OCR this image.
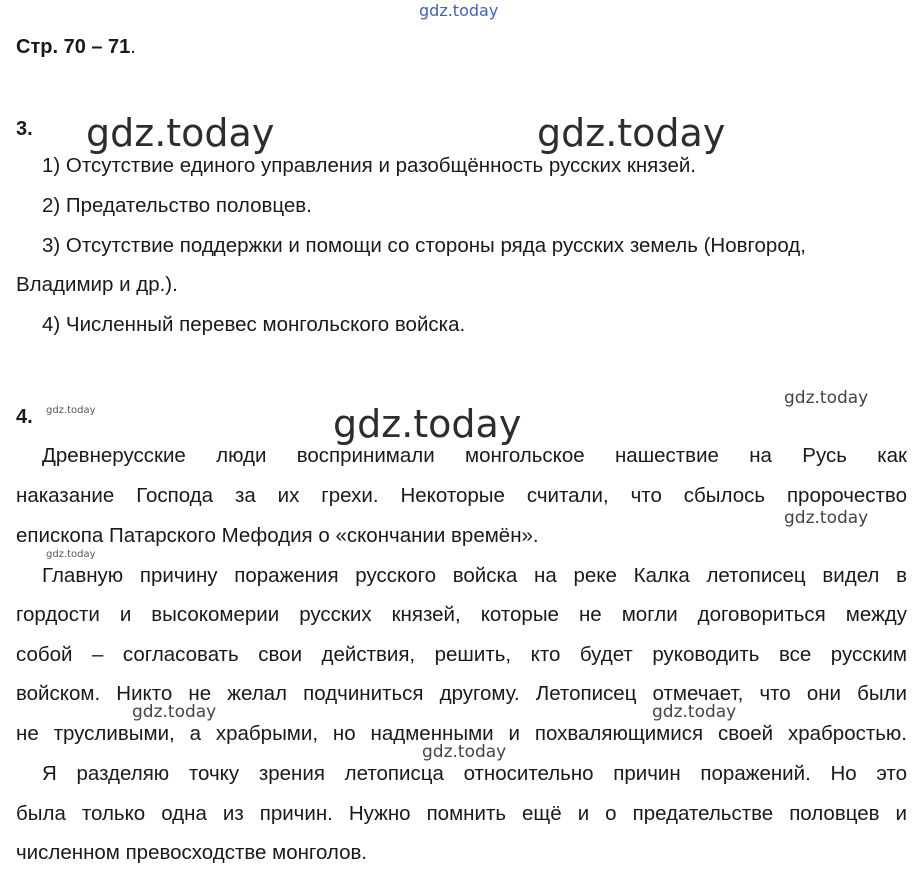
gdz.today
gdz.today	gdz.today
gdz.today
gdz.today
gdz.today
gdz.today	gdz.today
gdz.today
gdz.today
gdz.today
Стр. 70 – 71.

3.

1) Отсутствие единого управления и разобщённость русских князей.

2) Предательство половцев.

3) Отсутствие поддержки и помощи со стороны ряда русских земель (Новгород,

Владимир и др.).

4) Численный перевес монгольского войска.

4.

Древнерусские люди воспринимали монгольское нашествие на Русь как

наказание Господа за их грехи. Некоторые считали, что сбылось пророчество

епископа Патарского Мефодия о «скончании времён».

Главную причину поражения русского войска на реке Калка летописец видел в

гордости и высокомерии русских князей, которые не могли договориться между

собой – согласовать свои действия, решить, кто будет руководить все русским

войском. Никто не желал подчиниться другому. Летописец отмечает, что они были

не трусливыми, а храбрыми, но надменными и похваляющимися своей храбростью.

Я разделяю точку зрения летописца относительно причин поражений. Но это

была только одна из причин. Нужно помнить ещё и о предательстве половцев и

численном превосходстве монголов.
